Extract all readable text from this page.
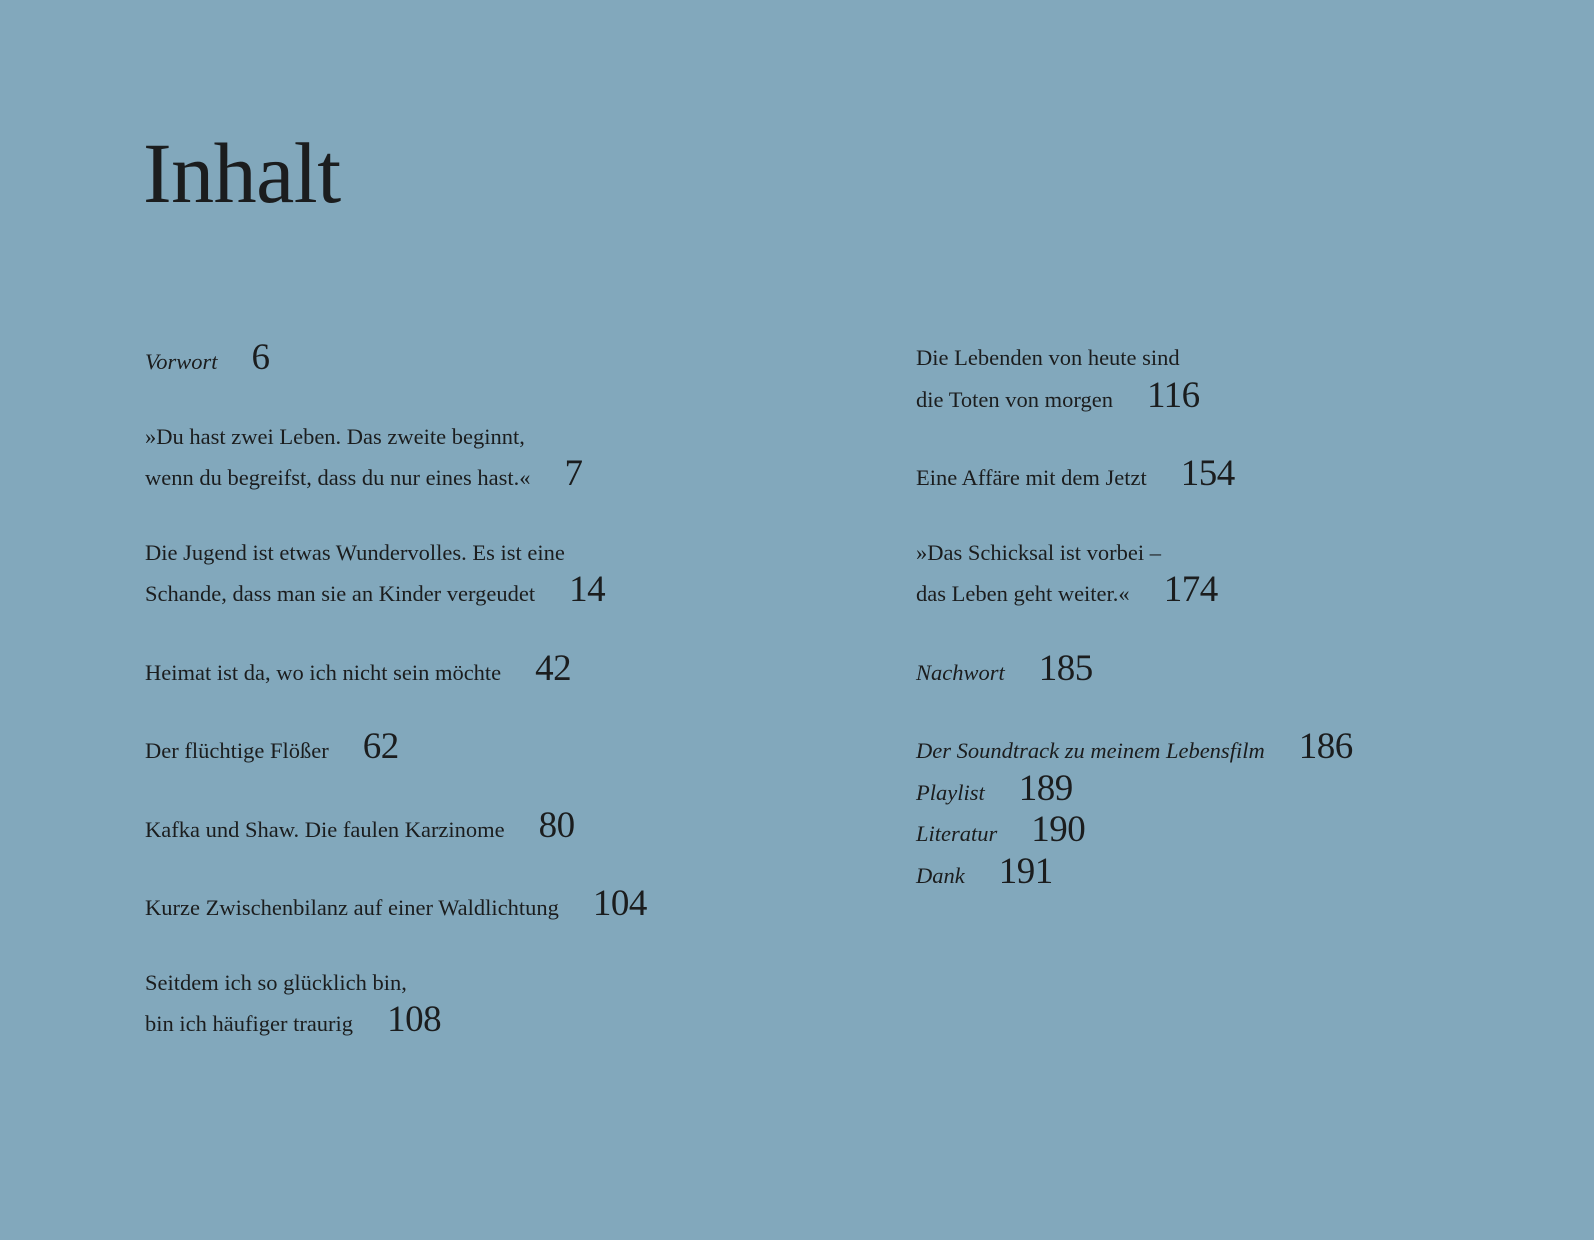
Inhalt
Vorwort 6
»Du hast zwei Leben. Das zweite beginnt,
wenn du begreifst, dass du nur eines hast.« 7
Die Jugend ist etwas Wundervolles. Es ist eine
Schande, dass man sie an Kinder vergeudet 14
Heimat ist da, wo ich nicht sein möchte 42
Der flüchtige Flößer 62
Kafka und Shaw. Die faulen Karzinome 80
Kurze Zwischenbilanz auf einer Waldlichtung 104
Seitdem ich so glücklich bin,
bin ich häufiger traurig 108
Die Lebenden von heute sind
die Toten von morgen 116
Eine Affäre mit dem Jetzt 154
»Das Schicksal ist vorbei –
das Leben geht weiter.« 174
Nachwort 185
Der Soundtrack zu meinem Lebensfilm 186
Playlist 189
Literatur 190
Dank 191
